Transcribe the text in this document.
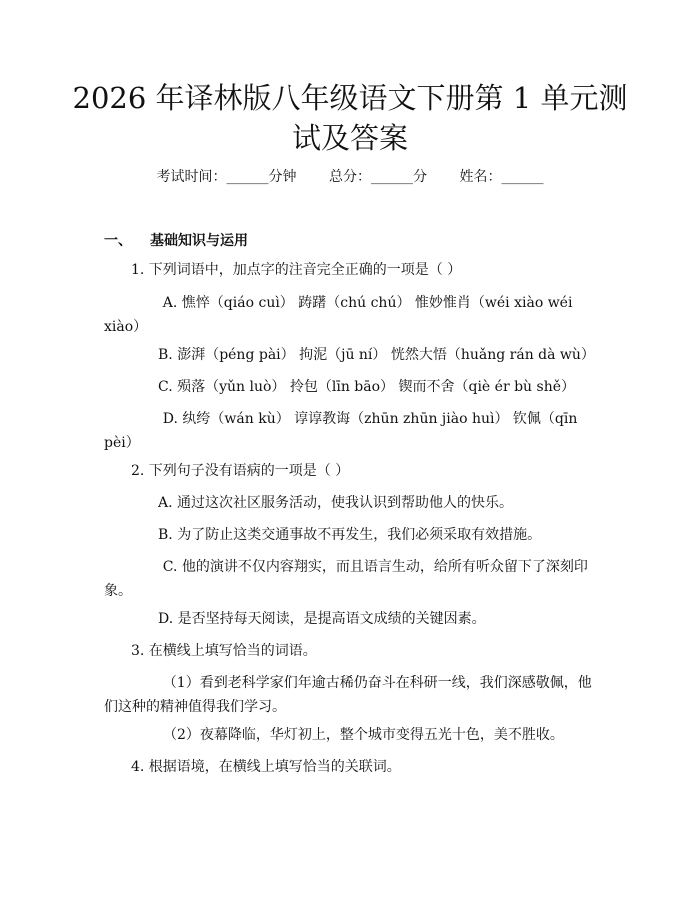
2026 年译林版八年级语文下册第 1 单元测试及答案
考试时间：______分钟 总分：______分 姓名：______
一、 基础知识与运用
1. 下列词语中，加点字的注音完全正确的一项是（ ）
A. 憔悴（qiáo cuì） 踌躇（chú chú） 惟妙惟肖（wéi xiào wéi xiào）
B. 澎湃（péng pài） 拘泥（jū ní） 恍然大悟（huǎng rán dà wù）
C. 殒落（yǔn luò） 拎包（līn bāo） 锲而不舍（qiè ér bù shě）
D. 纨绔（wán kù） 谆谆教诲（zhūn zhūn jiào huì） 钦佩（qīn pèi）
2. 下列句子没有语病的一项是（ ）
A. 通过这次社区服务活动，使我认识到帮助他人的快乐。
B. 为了防止这类交通事故不再发生，我们必须采取有效措施。
C. 他的演讲不仅内容翔实，而且语言生动，给所有听众留下了深刻印象。
D. 是否坚持每天阅读，是提高语文成绩的关键因素。
3. 在横线上填写恰当的词语。
（1）看到老科学家们年逾古稀仍奋斗在科研一线，我们深感敬佩，他们这种的精神值得我们学习。
（2）夜幕降临，华灯初上，整个城市变得五光十色，美不胜收。
4. 根据语境，在横线上填写恰当的关联词。
